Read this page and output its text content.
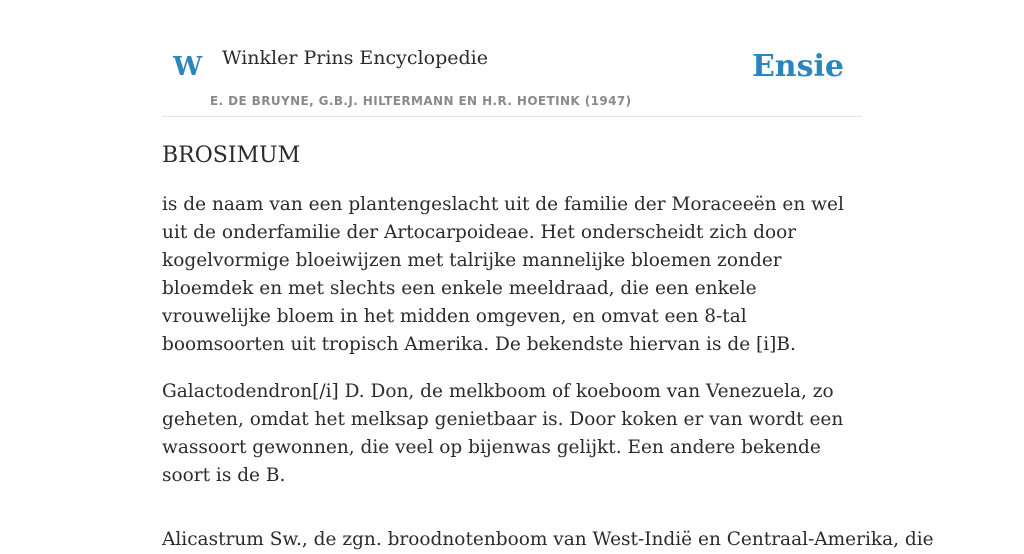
W Winkler Prins Encyclopedie
E. DE BRUYNE, G.B.J. HILTERMANN EN H.R. HOETINK (1947)
Ensie
BROSIMUM

is de naam van een plantengeslacht uit de familie der Moraceeën en wel uit de onderfamilie der Artocarpoideae. Het onderscheidt zich door kogelvormige bloeiwijzen met talrijke mannelijke bloemen zonder bloemdek en met slechts een enkele meeldraad, die een enkele vrouwelijke bloem in het midden omgeven, en omvat een 8-tal boomsoorten uit tropisch Amerika. De bekendste hiervan is de [i]B.

Galactodendron[/i] D. Don, de melkboom of koeboom van Venezuela, zo geheten, omdat het melksap genietbaar is. Door koken er van wordt een wassoort gewonnen, die veel op bijenwas gelijkt. Een andere bekende soort is de B.

Alicastrum Sw., de zgn. broodnotenboom van West-Indië en Centraal-Amerika, die
